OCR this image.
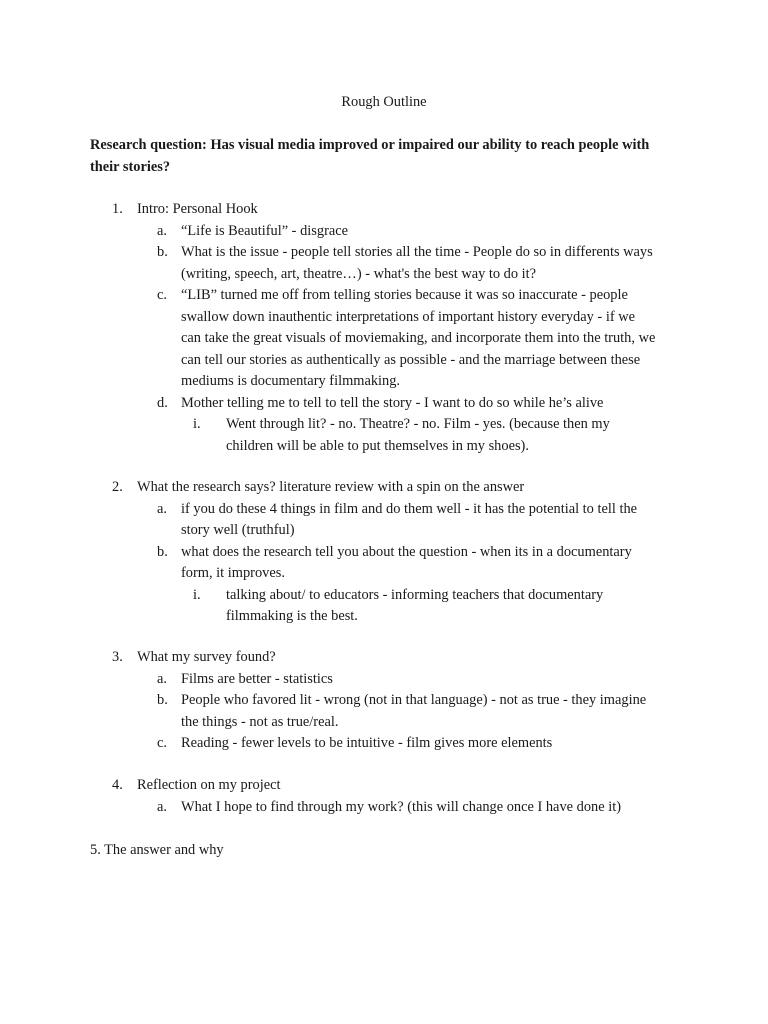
Rough Outline
Research question: Has visual media improved or impaired our ability to reach people with
their stories?
1. Intro: Personal Hook
a. “Life is Beautiful” - disgrace
b. What is the issue - people tell stories all the time - People do so in differents ways
(writing, speech, art, theatre…) - what's the best way to do it?
c. “LIB” turned me off from telling stories because it was so inaccurate - people
swallow down inauthentic interpretations of important history everyday - if we
can take the great visuals of moviemaking, and incorporate them into the truth, we
can tell our stories as authentically as possible - and the marriage between these
mediums is documentary filmmaking.
d. Mother telling me to tell to tell the story - I want to do so while he’s alive
i. Went through lit? - no. Theatre? - no. Film - yes. (because then my
children will be able to put themselves in my shoes).
2. What the research says? literature review with a spin on the answer
a. if you do these 4 things in film and do them well - it has the potential to tell the
story well (truthful)
b. what does the research tell you about the question - when its in a documentary
form, it improves.
i. talking about/ to educators - informing teachers that documentary
filmmaking is the best.
3. What my survey found?
a. Films are better - statistics
b. People who favored lit - wrong (not in that language) - not as true - they imagine
the things - not as true/real.
c. Reading - fewer levels to be intuitive - film gives more elements
4. Reflection on my project
a. What I hope to find through my work? (this will change once I have done it)
5. The answer and why
